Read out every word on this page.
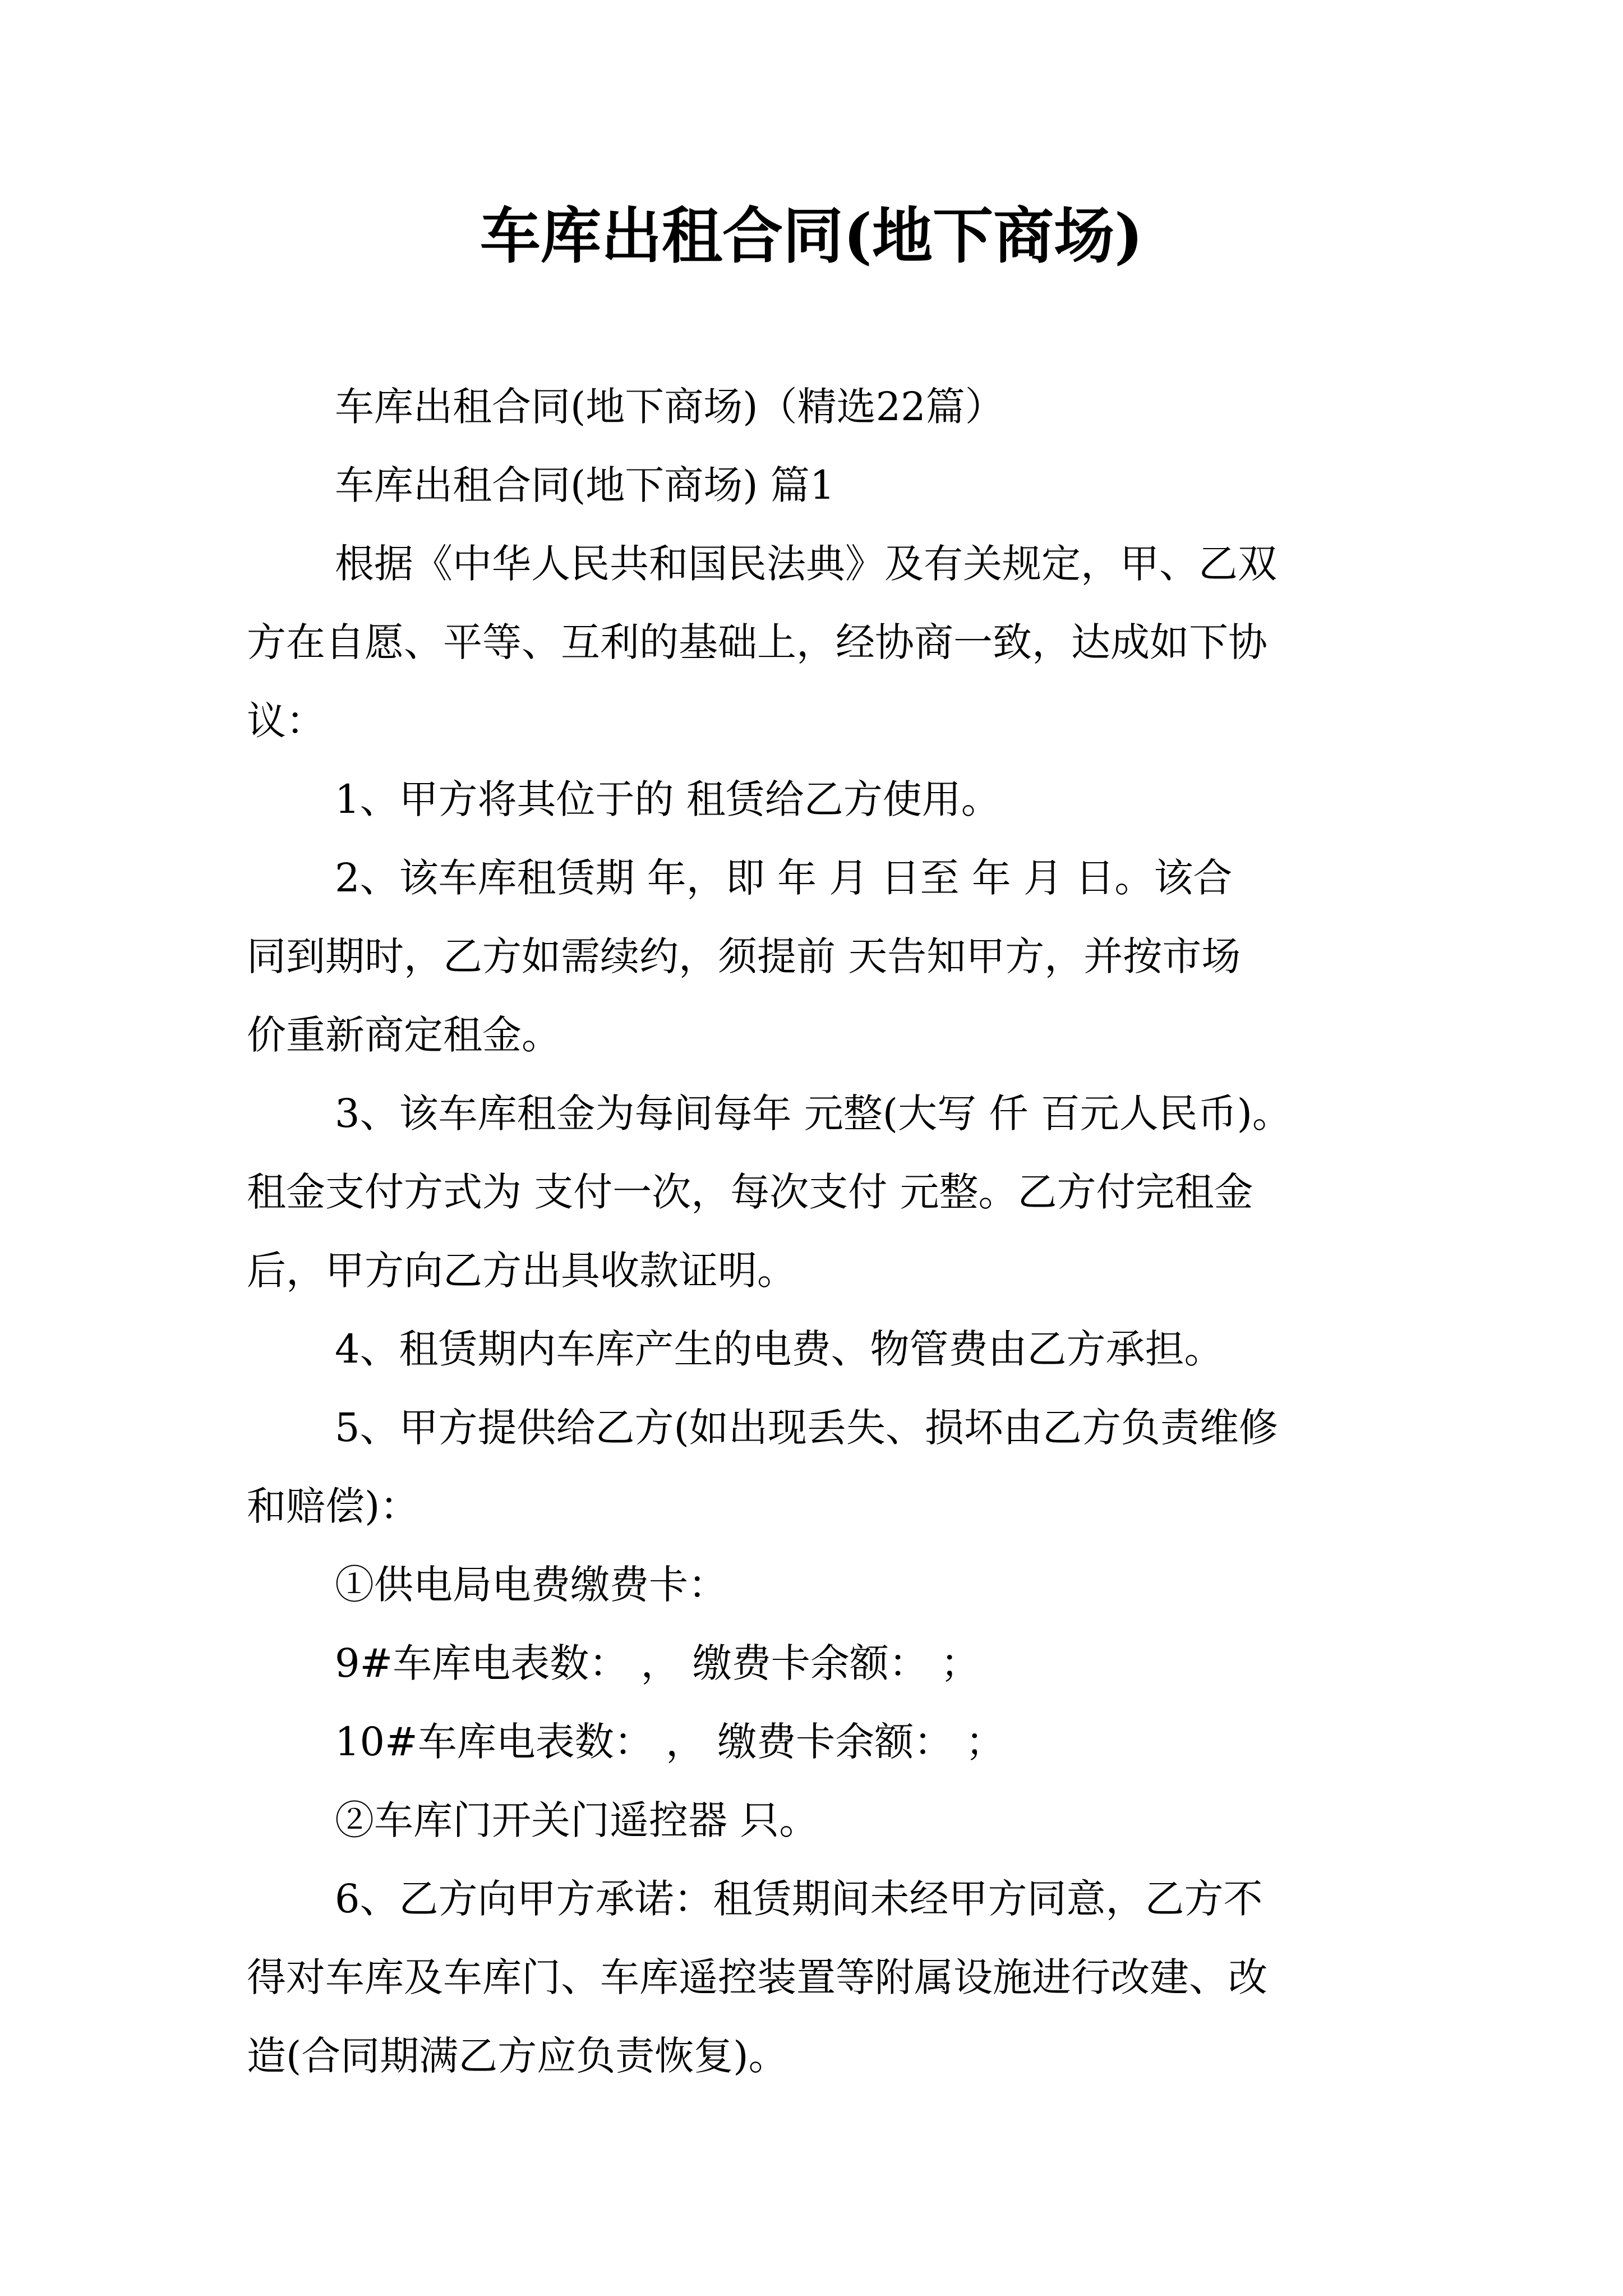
车库出租合同(地下商场)
车库出租合同(地下商场)（精选22篇）
车库出租合同(地下商场) 篇1
根据《中华人民共和国民法典》及有关规定，甲、乙双
方在自愿、平等、互利的基础上，经协商一致，达成如下协
议：
1、甲方将其位于的 租赁给乙方使用。
2、该车库租赁期 年，即 年 月 日至 年 月 日。该合
同到期时，乙方如需续约，须提前 天告知甲方，并按市场
价重新商定租金。
3、该车库租金为每间每年 元整(大写 仟 百元人民币)。
租金支付方式为 支付一次，每次支付 元整。乙方付完租金
后，甲方向乙方出具收款证明。
4、租赁期内车库产生的电费、物管费由乙方承担。
5、甲方提供给乙方(如出现丢失、损坏由乙方负责维修
和赔偿)：
①供电局电费缴费卡：
9#车库电表数： ， 缴费卡余额： ；
10#车库电表数： ， 缴费卡余额： ；
②车库门开关门遥控器 只。
6、乙方向甲方承诺：租赁期间未经甲方同意，乙方不
得对车库及车库门、车库遥控装置等附属设施进行改建、改
造(合同期满乙方应负责恢复)。
